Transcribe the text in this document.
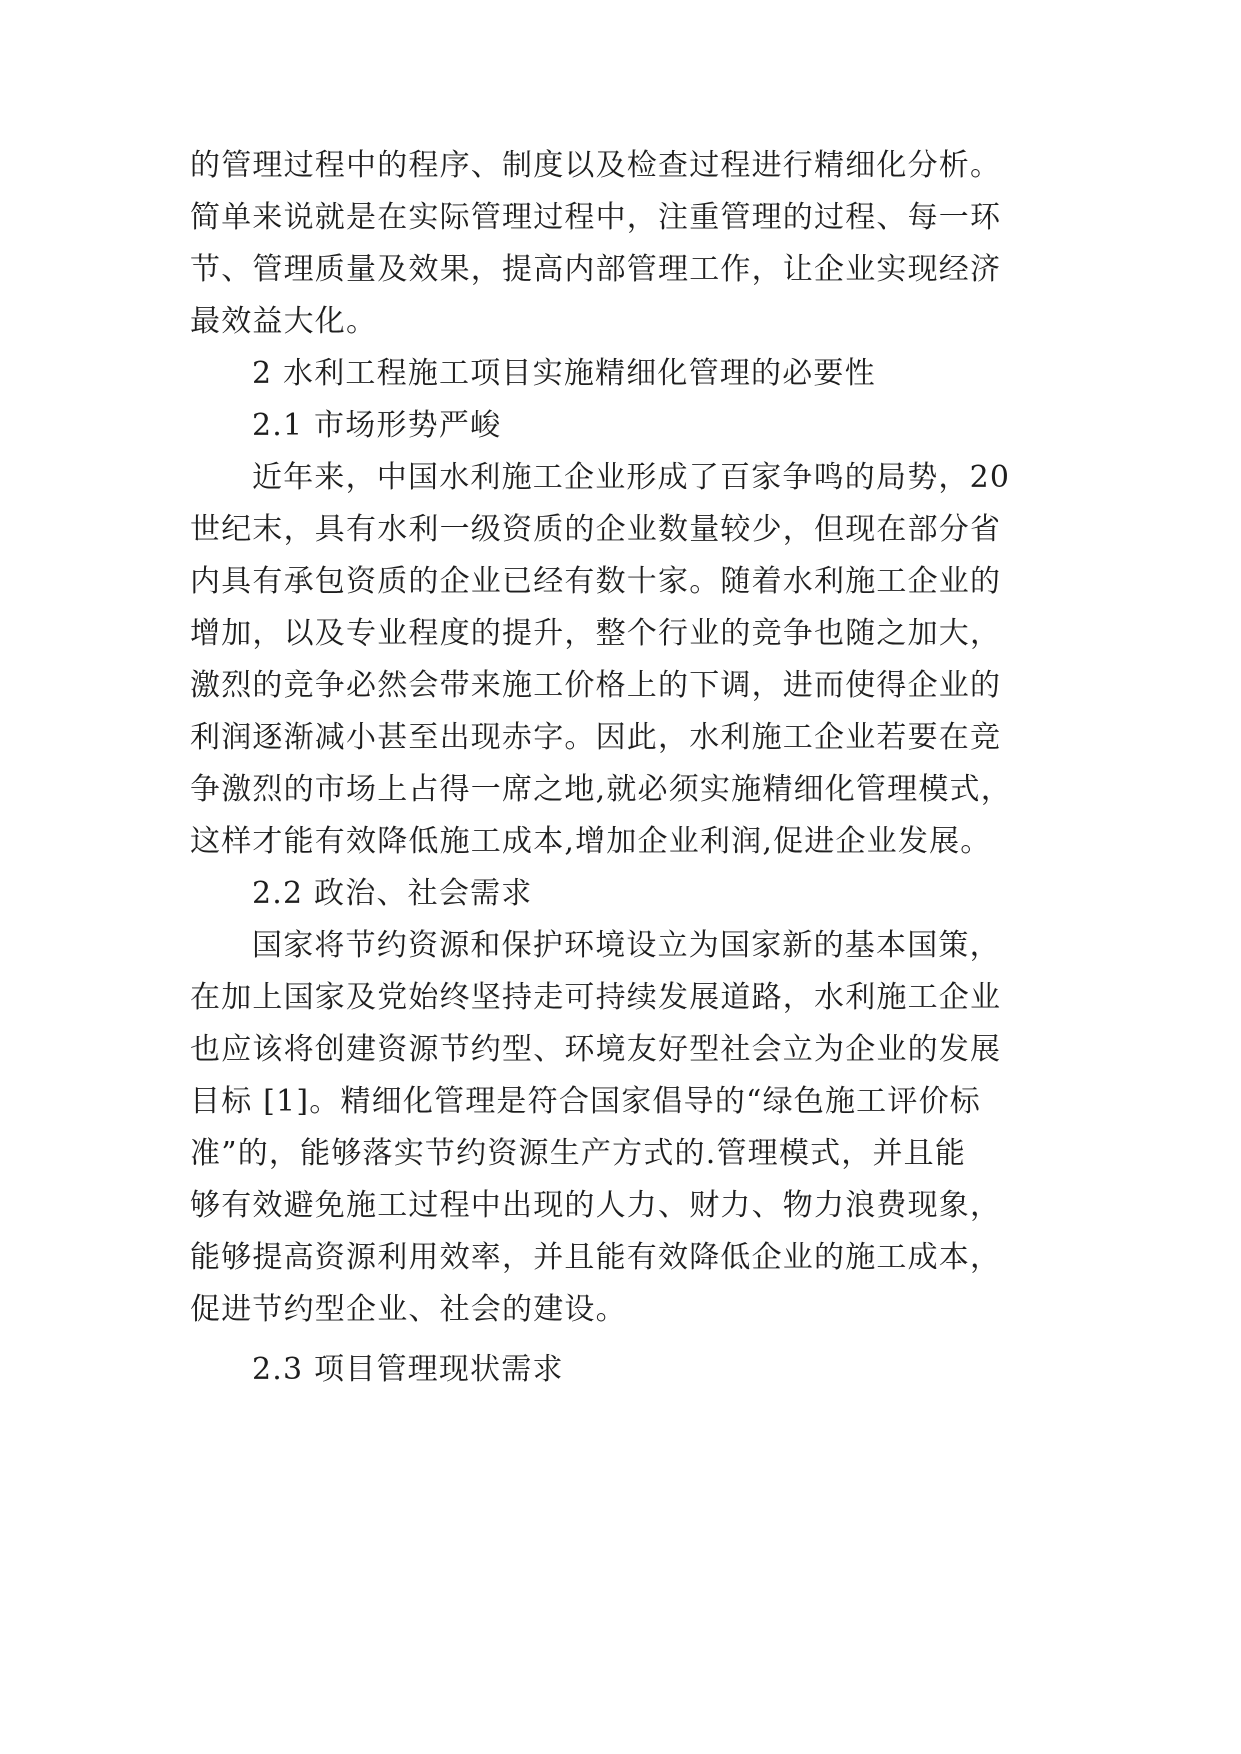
的管理过程中的程序、制度以及检查过程进行精细化分析。
简单来说就是在实际管理过程中，注重管理的过程、每一环
节、管理质量及效果，提高内部管理工作，让企业实现经济
最效益大化。
2 水利工程施工项目实施精细化管理的必要性
2.1 市场形势严峻
近年来，中国水利施工企业形成了百家争鸣的局势，20
世纪末，具有水利一级资质的企业数量较少，但现在部分省
内具有承包资质的企业已经有数十家。随着水利施工企业的
增加，以及专业程度的提升，整个行业的竞争也随之加大，
激烈的竞争必然会带来施工价格上的下调，进而使得企业的
利润逐渐减小甚至出现赤字。因此，水利施工企业若要在竞
争激烈的市场上占得一席之地,就必须实施精细化管理模式，
这样才能有效降低施工成本,增加企业利润,促进企业发展。
2.2 政治、社会需求
国家将节约资源和保护环境设立为国家新的基本国策，
在加上国家及党始终坚持走可持续发展道路，水利施工企业
也应该将创建资源节约型、环境友好型社会立为企业的发展
目标 [1]。精细化管理是符合国家倡导的“绿色施工评价标
准”的，能够落实节约资源生产方式的.管理模式，并且能
够有效避免施工过程中出现的人力、财力、物力浪费现象，
能够提高资源利用效率，并且能有效降低企业的施工成本，
促进节约型企业、社会的建设。
2.3 项目管理现状需求
